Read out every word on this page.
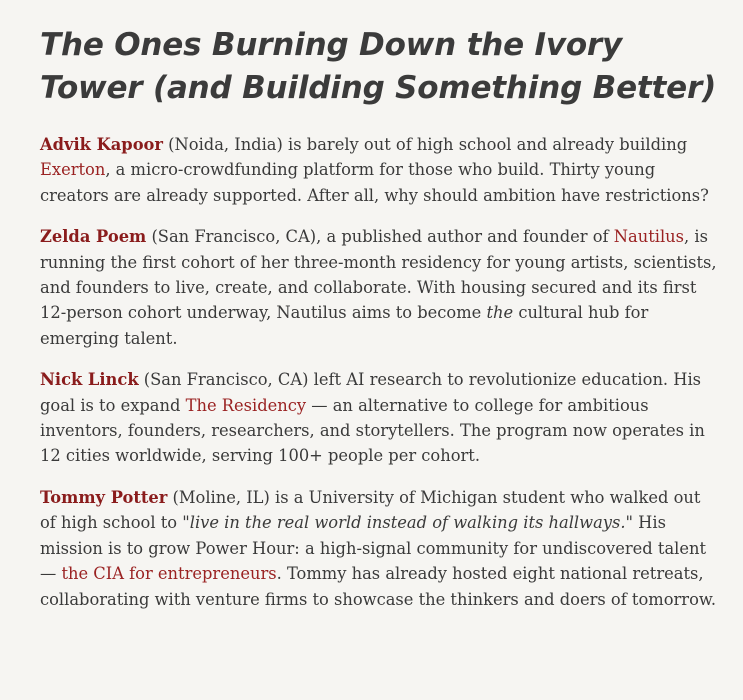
The Ones Burning Down the Ivory Tower (and Building Something Better)

Advik Kapoor (Noida, India) is barely out of high school and already building Exerton, a micro-crowdfunding platform for those who build. Thirty young creators are already supported. After all, why should ambition have restrictions?

Zelda Poem (San Francisco, CA), a published author and founder of Nautilus, is running the first cohort of her three-month residency for young artists, scientists, and founders to live, create, and collaborate. With housing secured and its first 12-person cohort underway, Nautilus aims to become the cultural hub for emerging talent.

Nick Linck (San Francisco, CA) left AI research to revolutionize education. His goal is to expand The Residency — an alternative to college for ambitious inventors, founders, researchers, and storytellers. The program now operates in 12 cities worldwide, serving 100+ people per cohort.

Tommy Potter (Moline, IL) is a University of Michigan student who walked out of high school to "live in the real world instead of walking its hallways." His mission is to grow Power Hour: a high-signal community for undiscovered talent — the CIA for entrepreneurs. Tommy has already hosted eight national retreats, collaborating with venture firms to showcase the thinkers and doers of tomorrow.
